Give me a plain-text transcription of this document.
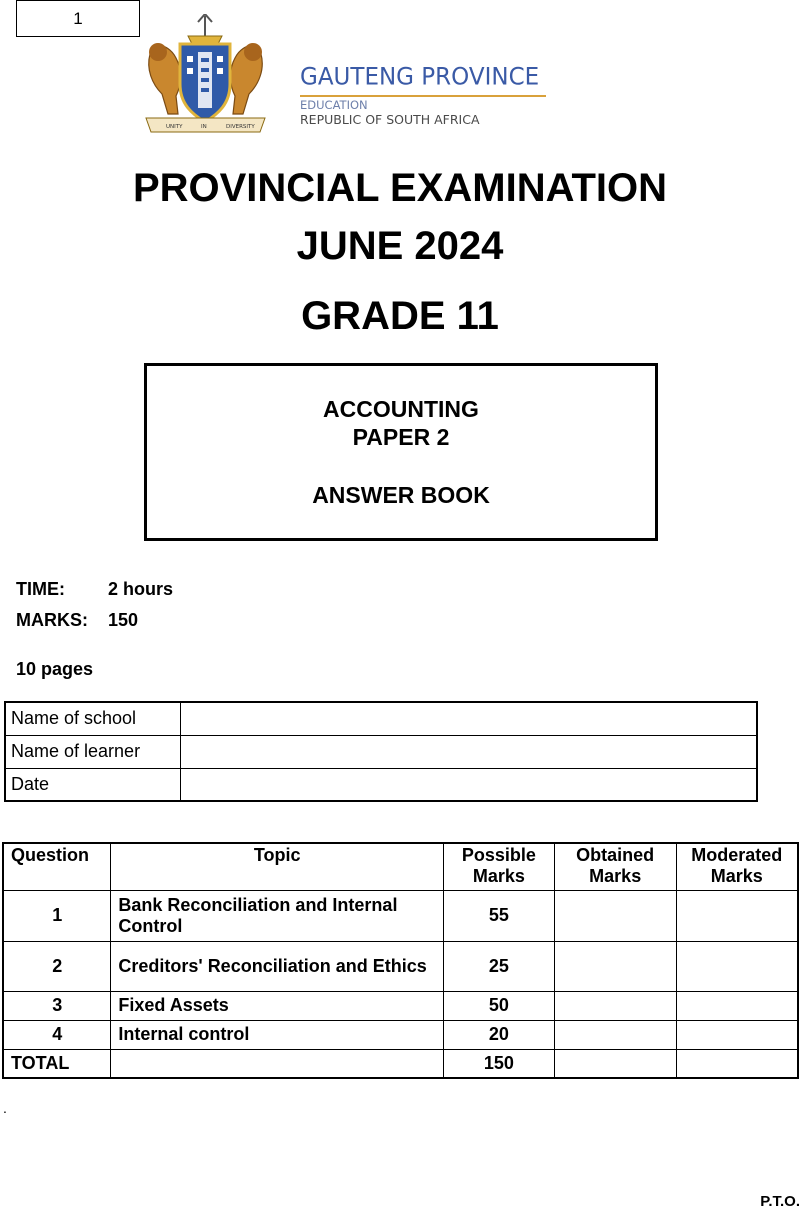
1
UNITY	IN	DIVERSITY
GAUTENG PROVINCE
EDUCATION
REPUBLIC OF SOUTH AFRICA
PROVINCIAL EXAMINATION
JUNE 2024
GRADE 11
ACCOUNTING
PAPER 2
ANSWER BOOK
TIME: 2 hours
MARKS: 150
10 pages
Name of school	
Name of learner	
Date	
Question	Topic	Possible Marks	Obtained Marks	Moderated Marks
1	Bank Reconciliation and Internal Control	55		
2	Creditors' Reconciliation and Ethics	25		
3	Fixed Assets	50		
4	Internal control	20		
TOTAL		150		
.
P.T.O.
